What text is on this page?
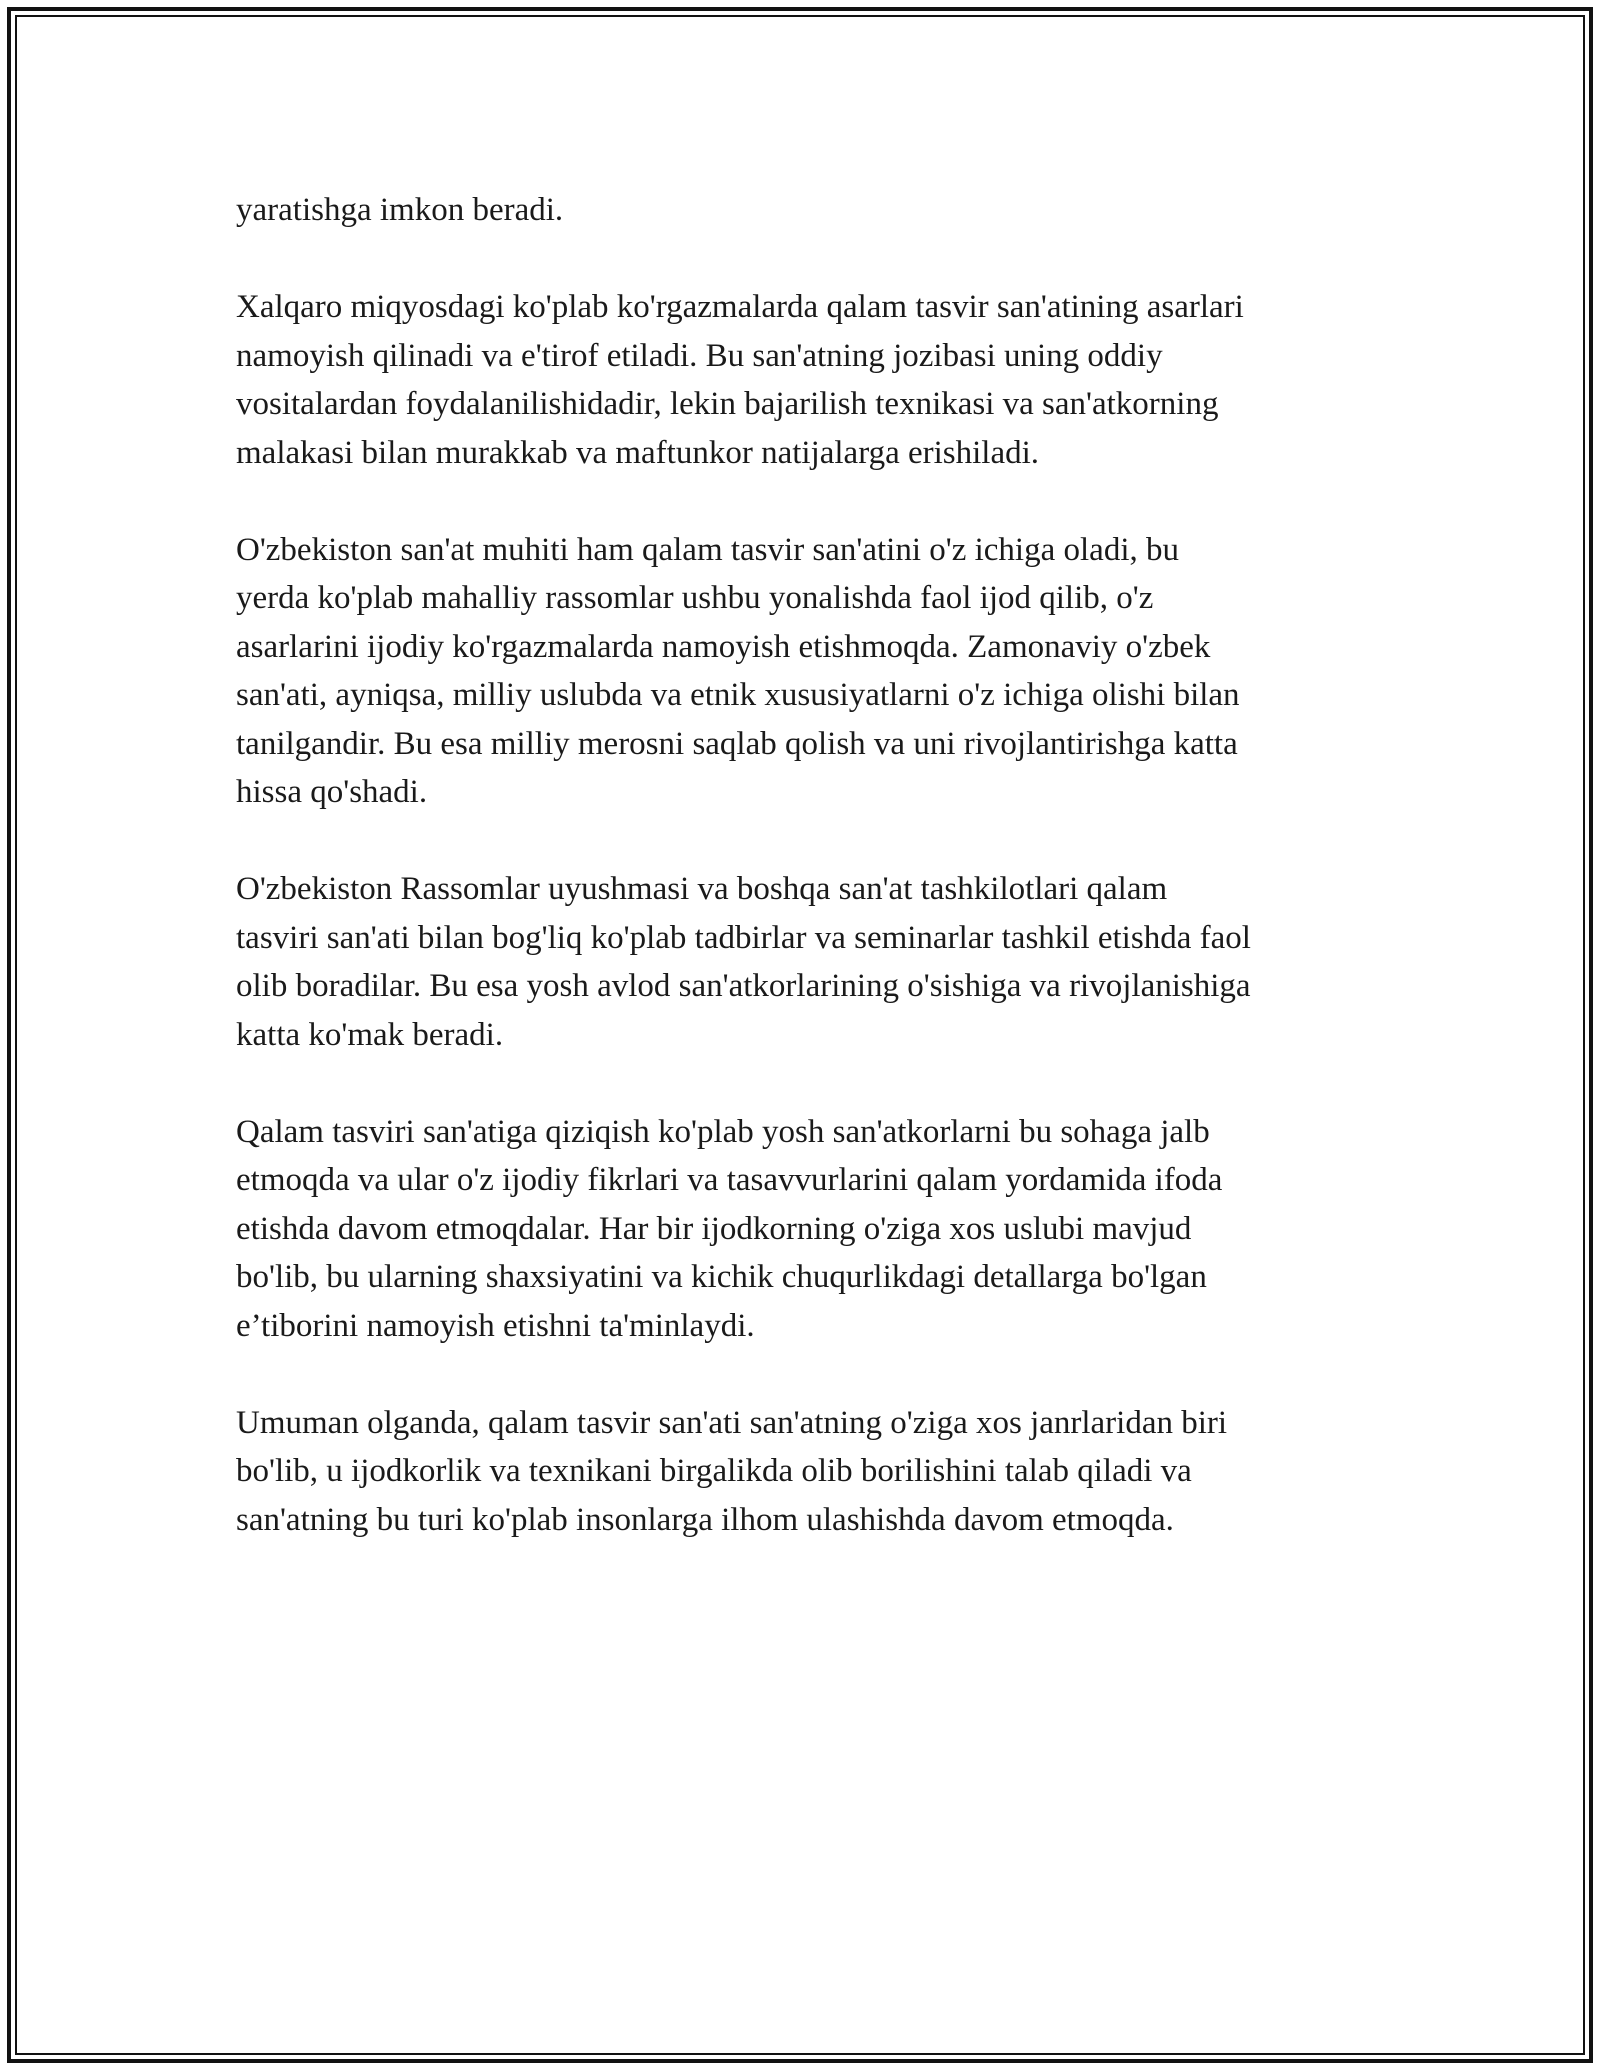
yaratishga imkon beradi.

Xalqaro miqyosdagi ko'plab ko'rgazmalarda qalam tasvir san'atining asarlari
namoyish qilinadi va e'tirof etiladi. Bu san'atning jozibasi uning oddiy
vositalardan foydalanilishidadir, lekin bajarilish texnikasi va san'atkorning
malakasi bilan murakkab va maftunkor natijalarga erishiladi.

O'zbekiston san'at muhiti ham qalam tasvir san'atini o'z ichiga oladi, bu
yerda ko'plab mahalliy rassomlar ushbu yonalishda faol ijod qilib, o'z
asarlarini ijodiy ko'rgazmalarda namoyish etishmoqda. Zamonaviy o'zbek
san'ati, ayniqsa, milliy uslubda va etnik xususiyatlarni o'z ichiga olishi bilan
tanilgandir. Bu esa milliy merosni saqlab qolish va uni rivojlantirishga katta
hissa qo'shadi.

O'zbekiston Rassomlar uyushmasi va boshqa san'at tashkilotlari qalam
tasviri san'ati bilan bog'liq ko'plab tadbirlar va seminarlar tashkil etishda faol
olib boradilar. Bu esa yosh avlod san'atkorlarining o'sishiga va rivojlanishiga
katta ko'mak beradi.

Qalam tasviri san'atiga qiziqish ko'plab yosh san'atkorlarni bu sohaga jalb
etmoqda va ular o'z ijodiy fikrlari va tasavvurlarini qalam yordamida ifoda
etishda davom etmoqdalar. Har bir ijodkorning o'ziga xos uslubi mavjud
bo'lib, bu ularning shaxsiyatini va kichik chuqurlikdagi detallarga bo'lgan
e’tiborini namoyish etishni ta'minlaydi.

Umuman olganda, qalam tasvir san'ati san'atning o'ziga xos janrlaridan biri
bo'lib, u ijodkorlik va texnikani birgalikda olib borilishini talab qiladi va
san'atning bu turi ko'plab insonlarga ilhom ulashishda davom etmoqda.
